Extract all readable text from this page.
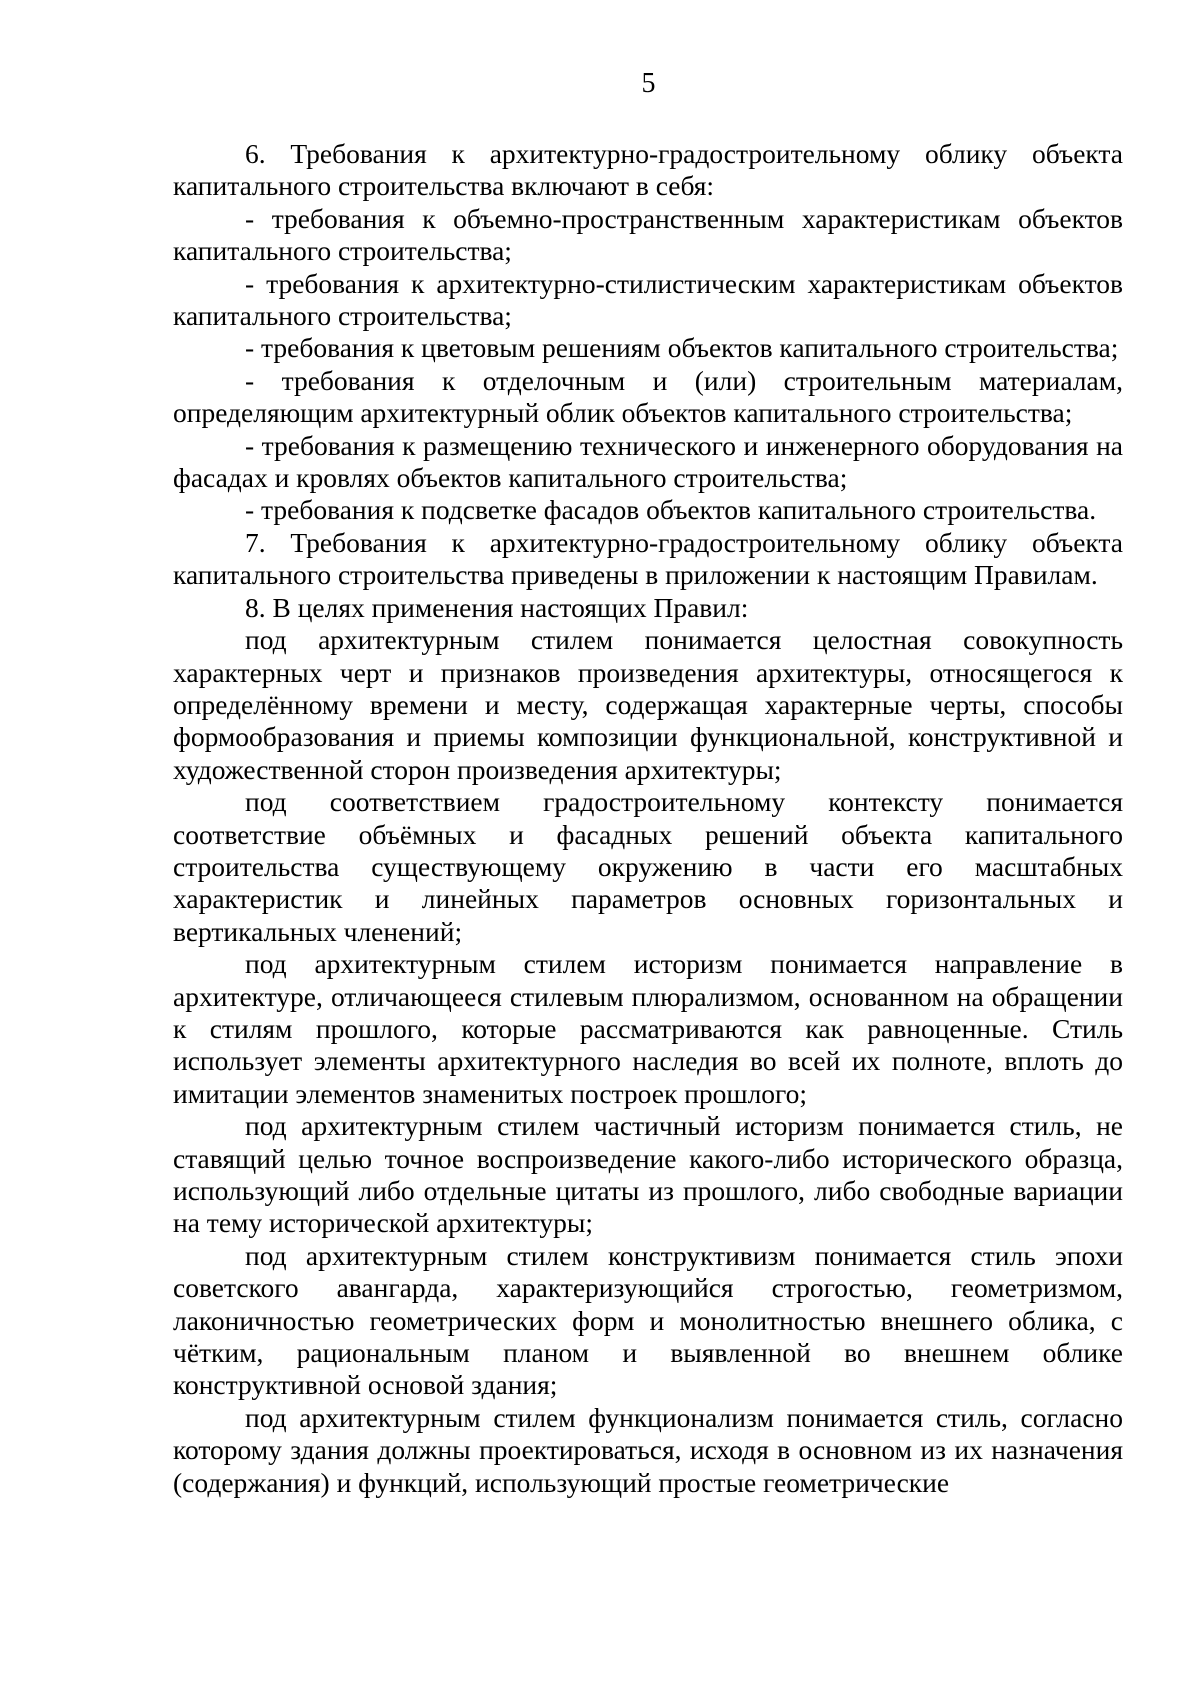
5

6. Требования к архитектурно-градостроительному облику объекта капитального строительства включают в себя:

- требования к объемно-пространственным характеристикам объектов капитального строительства;

- требования к архитектурно-стилистическим характеристикам объектов капитального строительства;

- требования к цветовым решениям объектов капитального строительства;

- требования к отделочным и (или) строительным материалам, определяющим архитектурный облик объектов капитального строительства;

- требования к размещению технического и инженерного оборудования на фасадах и кровлях объектов капитального строительства;

- требования к подсветке фасадов объектов капитального строительства.

7. Требования к архитектурно-градостроительному облику объекта капитального строительства приведены в приложении к настоящим Правилам.

8. В целях применения настоящих Правил:

под архитектурным стилем понимается целостная совокупность характерных черт и признаков произведения архитектуры, относящегося к определённому времени и месту, содержащая характерные черты, способы формообразования и приемы композиции функциональной, конструктивной и художественной сторон произведения архитектуры;

под соответствием градостроительному контексту понимается соответствие объёмных и фасадных решений объекта капитального строительства существующему окружению в части его масштабных характеристик и линейных параметров основных горизонтальных и вертикальных членений;

под архитектурным стилем историзм понимается направление в архитектуре, отличающееся стилевым плюрализмом, основанном на обращении к стилям прошлого, которые рассматриваются как равноценные. Стиль использует элементы архитектурного наследия во всей их полноте, вплоть до имитации элементов знаменитых построек прошлого;

под архитектурным стилем частичный историзм понимается стиль, не ставящий целью точное воспроизведение какого-либо исторического образца, использующий либо отдельные цитаты из прошлого, либо свободные вариации на тему исторической архитектуры;

под архитектурным стилем конструктивизм понимается стиль эпохи советского авангарда, характеризующийся строгостью, геометризмом, лаконичностью геометрических форм и монолитностью внешнего облика, с чётким, рациональным планом и выявленной во внешнем облике конструктивной основой здания;

под архитектурным стилем функционализм понимается стиль, согласно которому здания должны проектироваться, исходя в основном из их назначения (содержания) и функций, использующий простые геометрические
